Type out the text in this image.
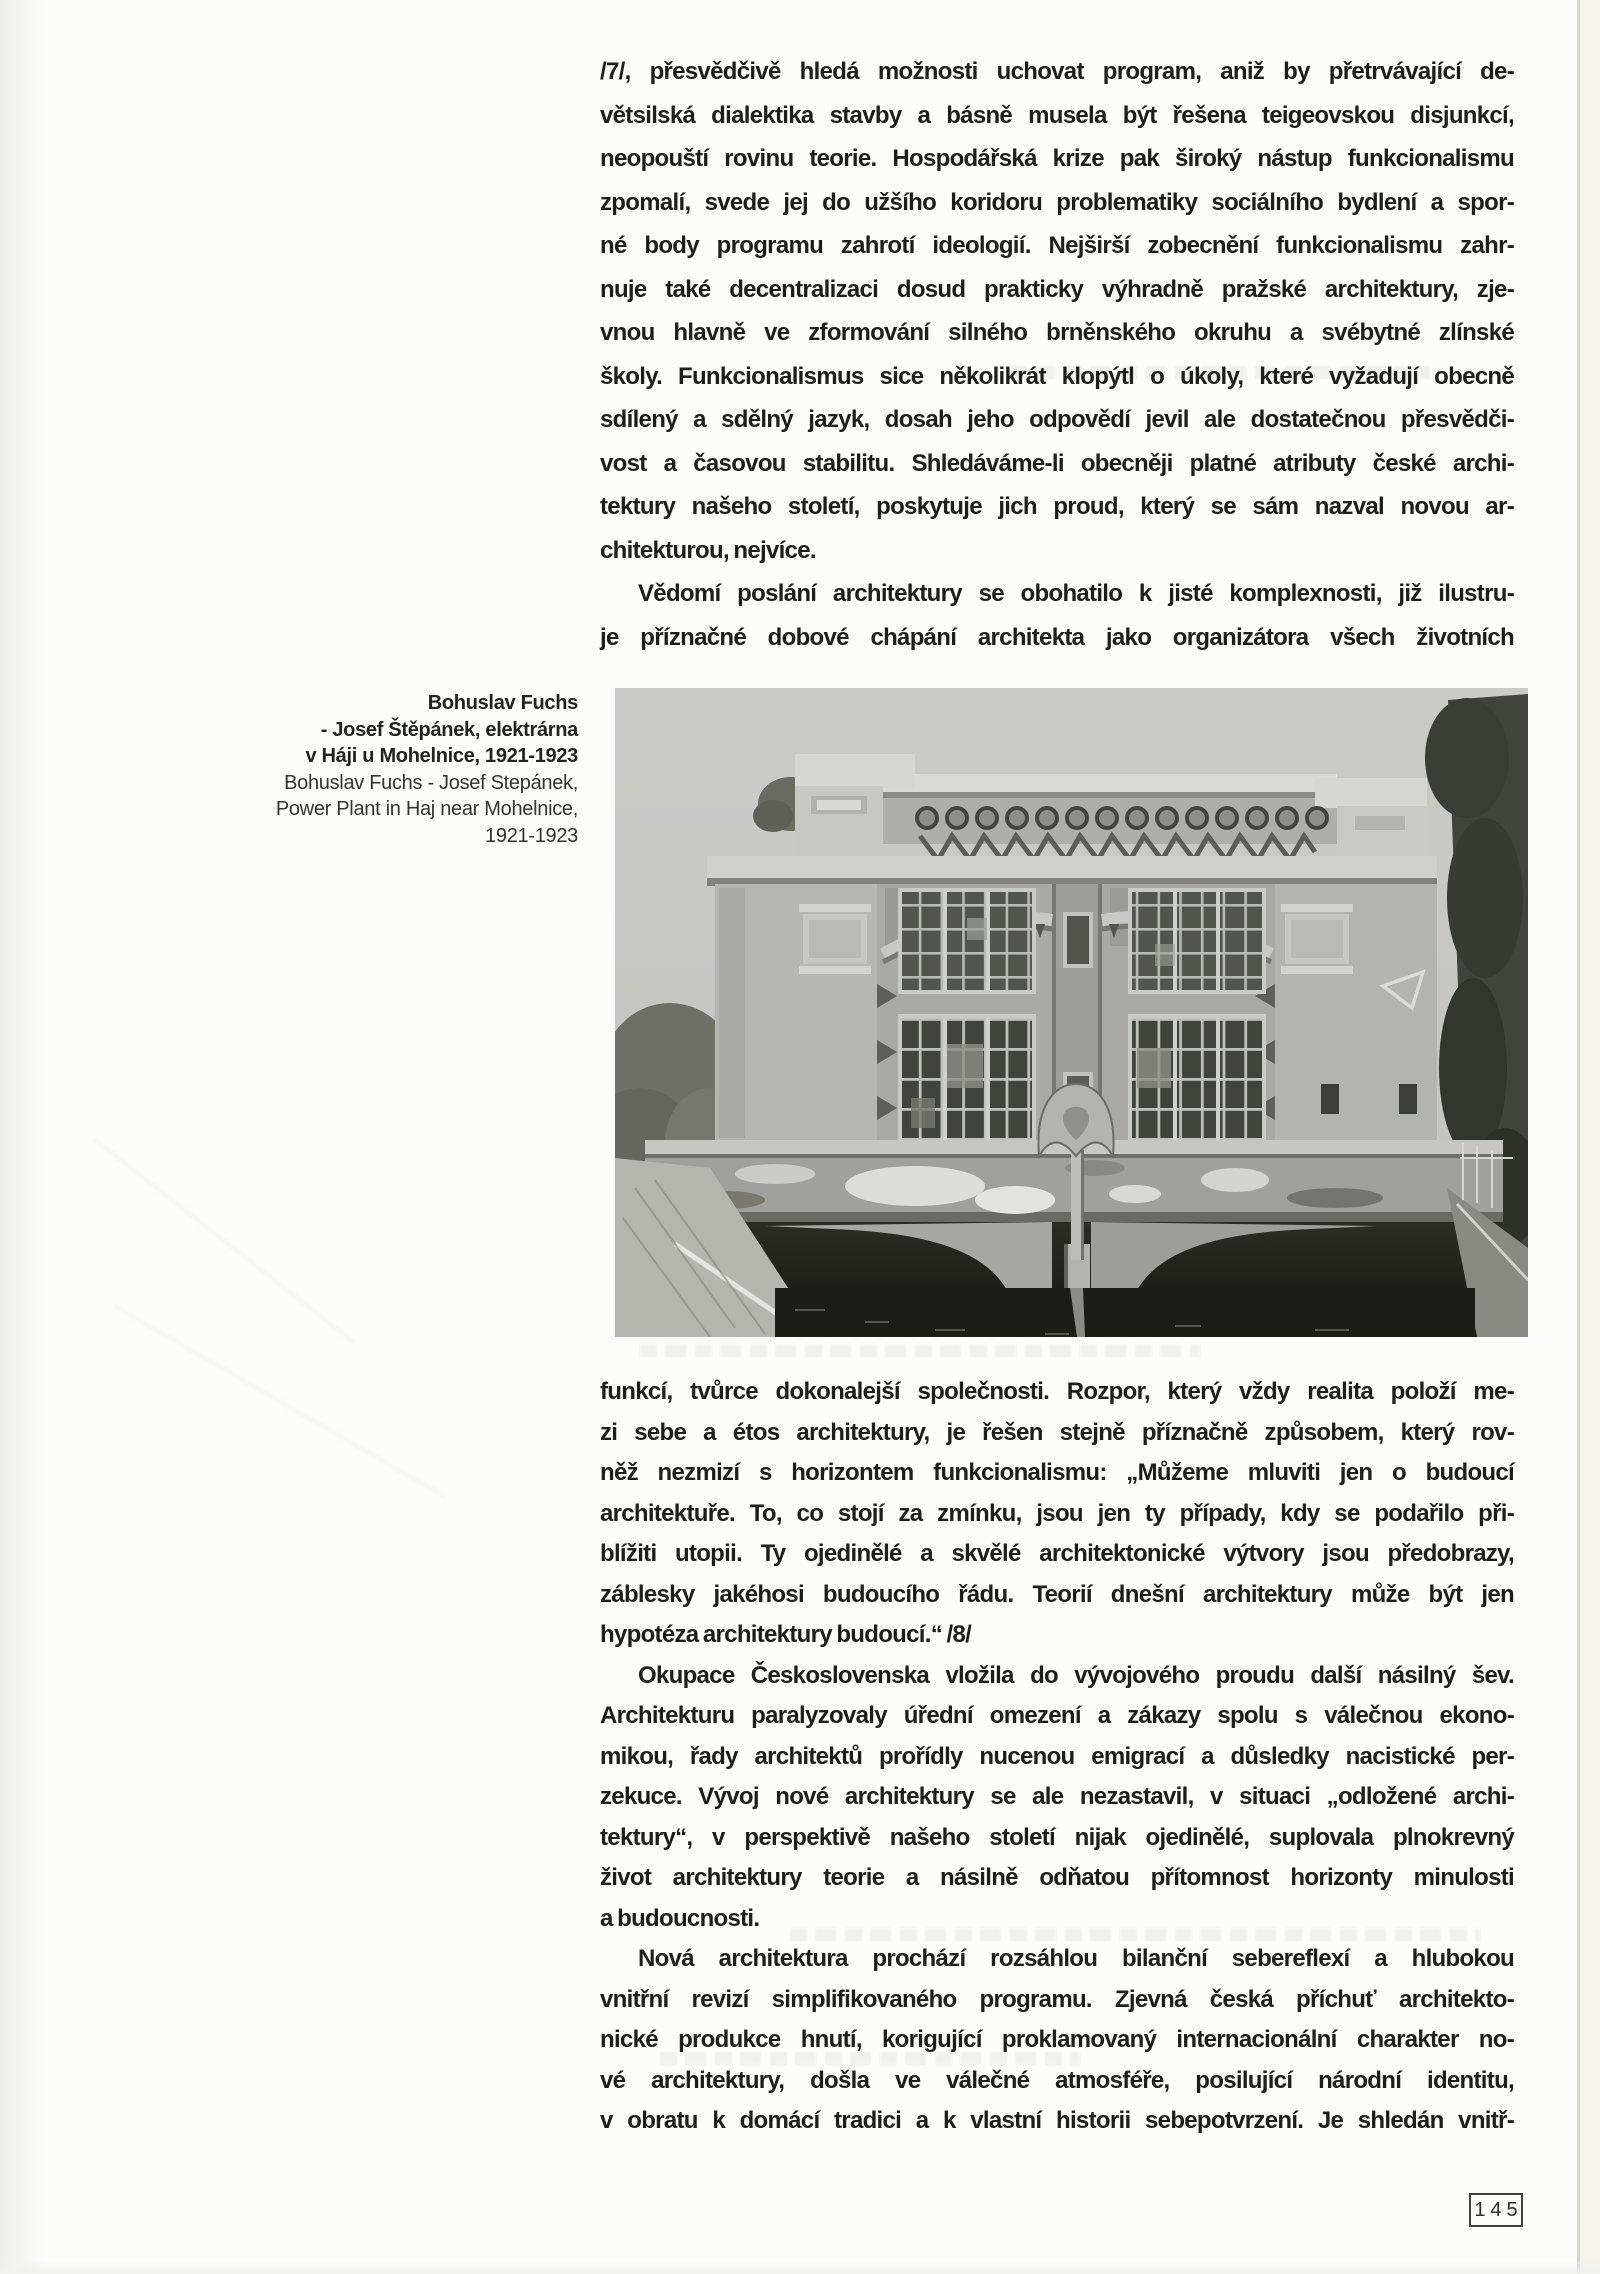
/7/, přesvědčivě hledá možnosti uchovat program, aniž by přetrvávající de-
větsilská dialektika stavby a básně musela být řešena teigeovskou disjunkcí,
neopouští rovinu teorie. Hospodářská krize pak široký nástup funkcionalismu
zpomalí, svede jej do užšího koridoru problematiky sociálního bydlení a spor-
né body programu zahrotí ideologií. Nejširší zobecnění funkcionalismu zahr-
nuje také decentralizaci dosud prakticky výhradně pražské architektury, zje-
vnou hlavně ve zformování silného brněnského okruhu a svébytné zlínské
školy. Funkcionalismus sice několikrát klopýtl o úkoly, které vyžadují obecně
sdílený a sdělný jazyk, dosah jeho odpovědí jevil ale dostatečnou přesvědči-
vost a časovou stabilitu. Shledáváme-li obecněji platné atributy české archi-
tektury našeho století, poskytuje jich proud, který se sám nazval novou ar-
chitekturou, nejvíce.
Vědomí poslání architektury se obohatilo k jisté komplexnosti, již ilustru-
je příznačné dobové chápání architekta jako organizátora všech životních
Bohuslav Fuchs
- Josef Štěpánek, elektrárna
v Háji u Mohelnice, 1921-1923
Bohuslav Fuchs - Josef Stepánek,
Power Plant in Haj near Mohelnice,
1921-1923
funkcí, tvůrce dokonalejší společnosti. Rozpor, který vždy realita položí me-
zi sebe a étos architektury, je řešen stejně příznačně způsobem, který rov-
něž nezmizí s horizontem funkcionalismu: „Můžeme mluviti jen o budoucí
architektuře. To, co stojí za zmínku, jsou jen ty případy, kdy se podařilo při-
blížiti utopii. Ty ojedinělé a skvělé architektonické výtvory jsou předobrazy,
záblesky jakéhosi budoucího řádu. Teorií dnešní architektury může být jen
hypotéza architektury budoucí.“ /8/
Okupace Československa vložila do vývojového proudu další násilný šev.
Architekturu paralyzovaly úřední omezení a zákazy spolu s válečnou ekono-
mikou, řady architektů prořídly nucenou emigrací a důsledky nacistické per-
zekuce. Vývoj nové architektury se ale nezastavil, v situaci „odložené archi-
tektury“, v perspektivě našeho století nijak ojedinělé, suplovala plnokrevný
život architektury teorie a násilně odňatou přítomnost horizonty minulosti
a budoucnosti.
Nová architektura prochází rozsáhlou bilanční sebereflexí a hlubokou
vnitřní revizí simplifikovaného programu. Zjevná česká příchuť architekto-
nické produkce hnutí, korigující proklamovaný internacionální charakter no-
vé architektury, došla ve válečné atmosféře, posilující národní identitu,
v obratu k domácí tradici a k vlastní historii sebepotvrzení. Je shledán vnitř-
145
